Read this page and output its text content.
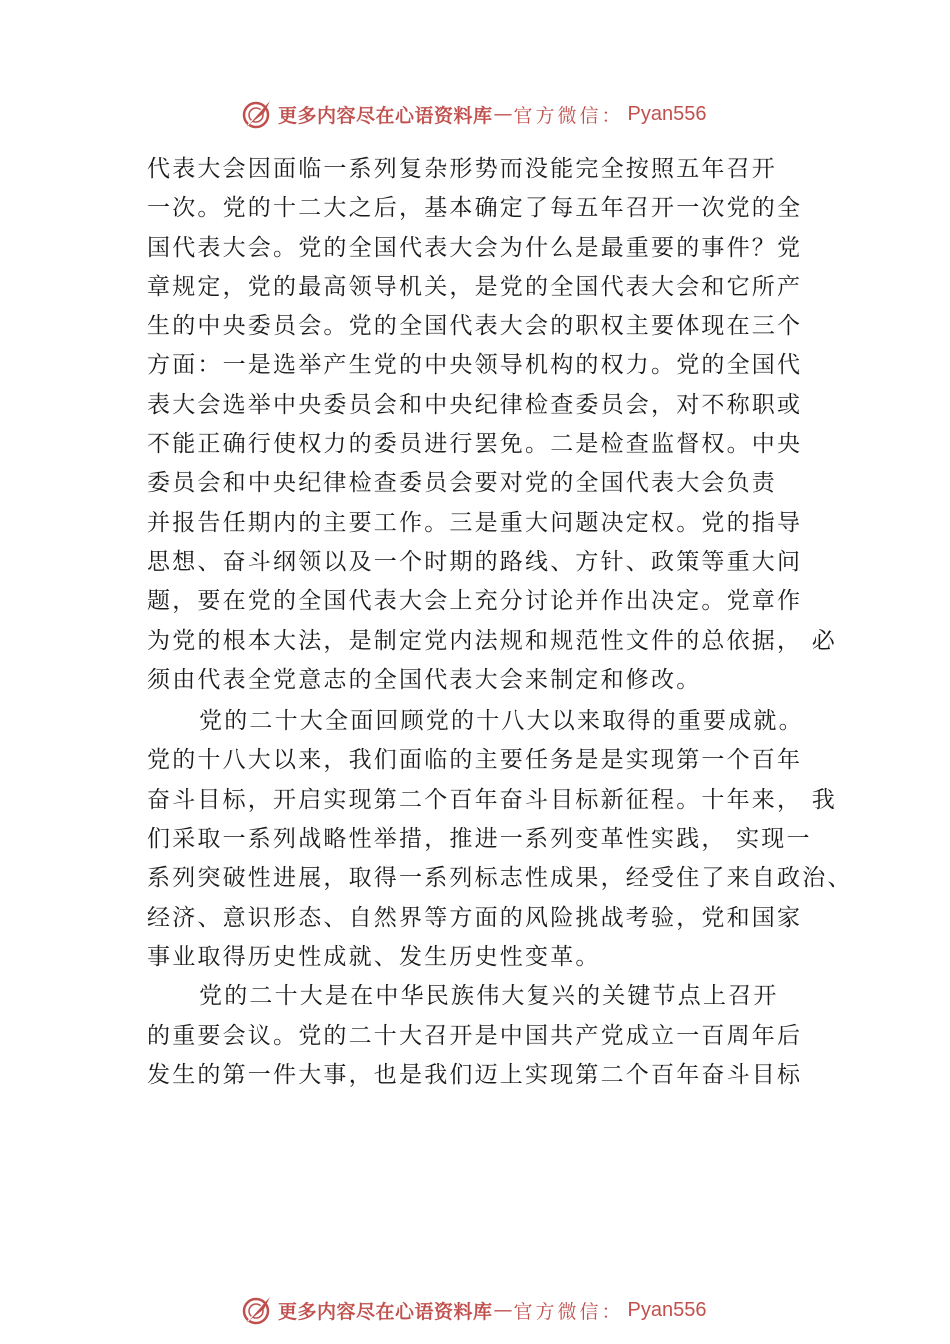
更多内容尽在心语资料库 — 官方微信： Pyan556
代表大会因面临一系列复杂形势而没能完全按照五年召开
一次。党的十二大之后，基本确定了每五年召开一次党的全
国代表大会。党的全国代表大会为什么是最重要的事件？党
章规定，党的最高领导机关，是党的全国代表大会和它所产
生的中央委员会。党的全国代表大会的职权主要体现在三个
方面：一是选举产生党的中央领导机构的权力。党的全国代
表大会选举中央委员会和中央纪律检查委员会，对不称职或
不能正确行使权力的委员进行罢免。二是检查监督权。中央
委员会和中央纪律检查委员会要对党的全国代表大会负责
并报告任期内的主要工作。三是重大问题决定权。党的指导
思想、奋斗纲领以及一个时期的路线、方针、政策等重大问
题，要在党的全国代表大会上充分讨论并作出决定。党章作
为党的根本大法，是制定党内法规和规范性文件的总依据， 必
须由代表全党意志的全国代表大会来制定和修改。
党的二十大全面回顾党的十八大以来取得的重要成就。
党的十八大以来，我们面临的主要任务是是实现第一个百年
奋斗目标，开启实现第二个百年奋斗目标新征程。十年来， 我
们采取一系列战略性举措，推进一系列变革性实践， 实现一
系列突破性进展，取得一系列标志性成果，经受住了来自政治、
经济、意识形态、自然界等方面的风险挑战考验，党和国家
事业取得历史性成就、发生历史性变革。
党的二十大是在中华民族伟大复兴的关键节点上召开
的重要会议。党的二十大召开是中国共产党成立一百周年后
发生的第一件大事，也是我们迈上实现第二个百年奋斗目标
更多内容尽在心语资料库 — 官方微信： Pyan556
